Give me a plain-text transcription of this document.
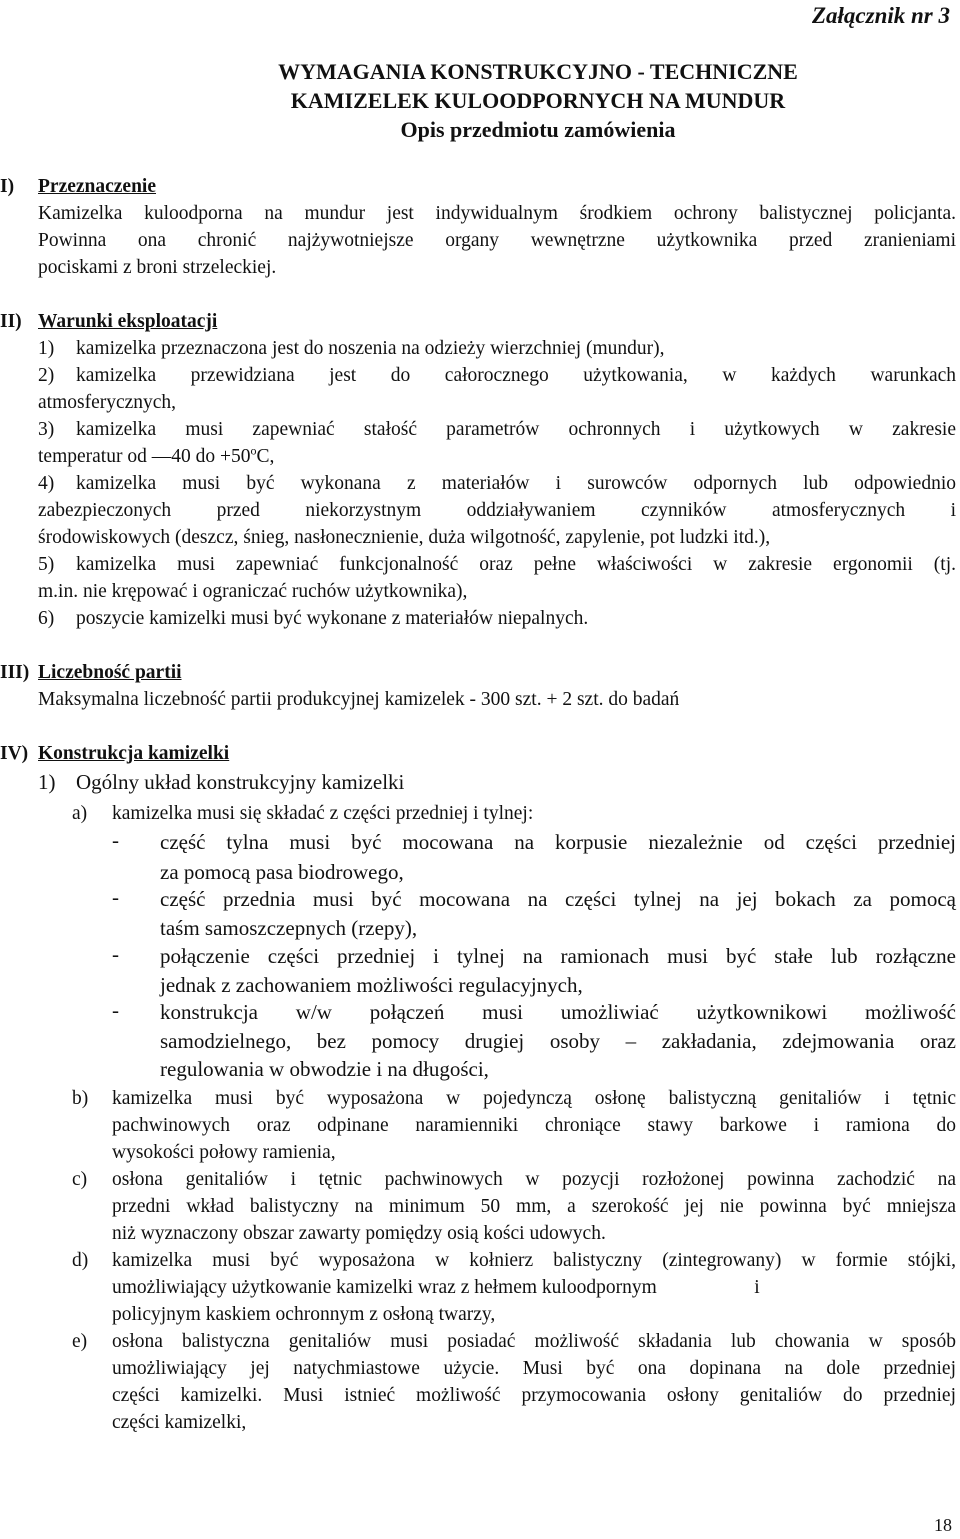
Załącznik nr 3
WYMAGANIA KONSTRUKCYJNO - TECHNICZNE
KAMIZELEK KULOODPORNYCH NA MUNDUR
Opis przedmiotu zamówienia
I) Przeznaczenie
Kamizelka kuloodporna na mundur jest indywidualnym środkiem ochrony balistycznej policjanta.
Powinna ona chronić najżywotniejsze organy wewnętrzne użytkownika przed zranieniami
pociskami z broni strzeleckiej.
II) Warunki eksploatacji
1) kamizelka przeznaczona jest do noszenia na odzieży wierzchniej (mundur),
2) kamizelka przewidziana jest do całorocznego użytkowania, w każdych warunkach
atmosferycznych,
3) kamizelka musi zapewniać stałość parametrów ochronnych i użytkowych w zakresie
temperatur od —40 do $+50^oC$,
4) kamizelka musi być wykonana z materiałów i surowców odpornych lub odpowiednio
zabezpieczonych przed niekorzystnym oddziaływaniem czynników atmosferycznych i
środowiskowych (deszcz, śnieg, nasłonecznienie, duża wilgotność, zapylenie, pot ludzki itd.),
5) kamizelka musi zapewniać funkcjonalność oraz pełne właściwości w zakresie ergonomii (tj.
m.in. nie krępować i ograniczać ruchów użytkownika),
6) poszycie kamizelki musi być wykonane z materiałów niepalnych.
III) Liczebność partii
Maksymalna liczebność partii produkcyjnej kamizelek - 300 szt. + 2 szt. do badań
IV) Konstrukcja kamizelki
1) Ogólny układ konstrukcyjny kamizelki
a) kamizelka musi się składać z części przedniej i tylnej:
- część tylna musi być mocowana na korpusie niezależnie od części przedniej
za pomocą pasa biodrowego,
- część przednia musi być mocowana na części tylnej na jej bokach za pomocą
taśm samoszczepnych (rzepy),
- połączenie części przedniej i tylnej na ramionach musi być stałe lub rozłączne
jednak z zachowaniem możliwości regulacyjnych,
- konstrukcja w/w połączeń musi umożliwiać użytkownikowi możliwość
samodzielnego, bez pomocy drugiej osoby – zakładania, zdejmowania oraz
regulowania w obwodzie i na długości,
b) kamizelka musi być wyposażona w pojedynczą osłonę balistyczną genitaliów i tętnic
pachwinowych oraz odpinane naramienniki chroniące stawy barkowe i ramiona do
wysokości połowy ramienia,
c) osłona genitaliów i tętnic pachwinowych w pozycji rozłożonej powinna zachodzić na
przedni wkład balistyczny na minimum 50 mm, a szerokość jej nie powinna być mniejsza
niż wyznaczony obszar zawarty pomiędzy osią kości udowych.
d) kamizelka musi być wyposażona w kołnierz balistyczny (zintegrowany) w formie stójki,
umożliwiający użytkowanie kamizelki wraz z hełmem kuloodpornym                    i
policyjnym kaskiem ochronnym z osłoną twarzy,
e) osłona balistyczna genitaliów musi posiadać możliwość składania lub chowania w sposób
umożliwiający jej natychmiastowe użycie. Musi być ona dopinana na dole przedniej
części kamizelki. Musi istnieć możliwość przymocowania osłony genitaliów do przedniej
części kamizelki,
18
